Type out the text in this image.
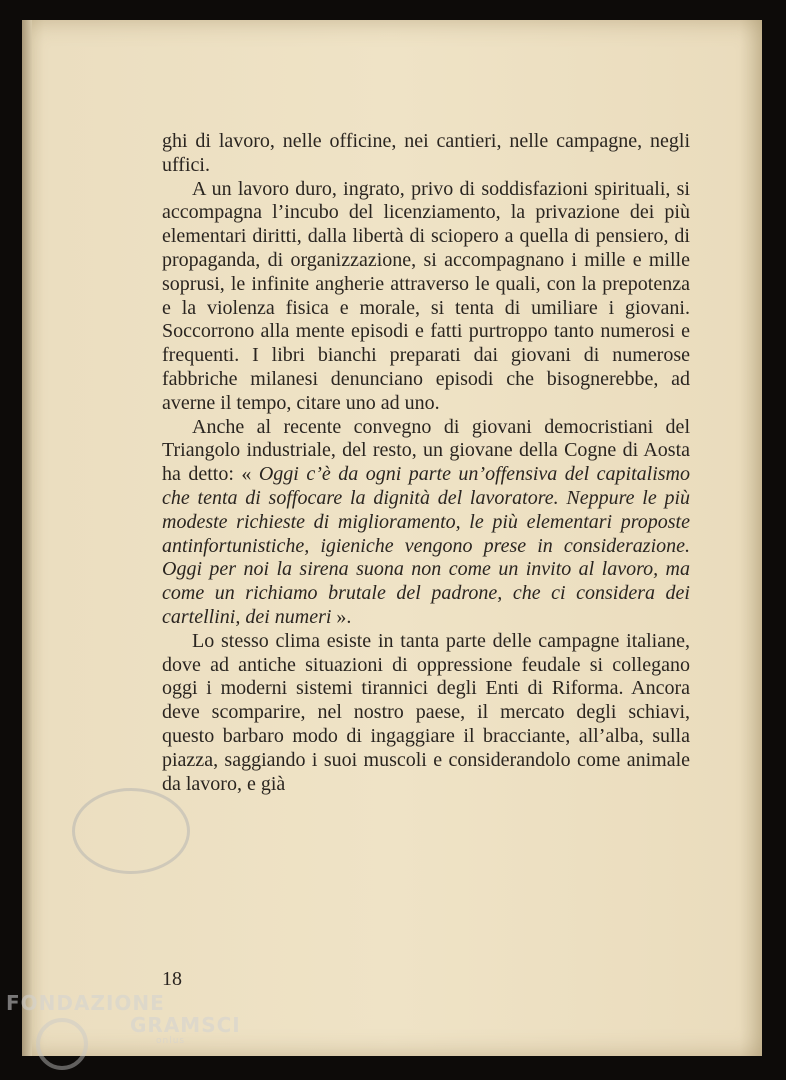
ghi di lavoro, nelle officine, nei cantieri, nelle campagne, negli uffici.

A un lavoro duro, ingrato, privo di soddisfazioni spirituali, si accompagna l’incubo del licenziamento, la privazione dei più elementari diritti, dalla libertà di sciopero a quella di pensiero, di propaganda, di organizzazione, si accompagnano i mille e mille soprusi, le infinite angherie attraverso le quali, con la prepotenza e la violenza fisica e morale, si tenta di umiliare i giovani. Soccorrono alla mente episodi e fatti purtroppo tanto numerosi e frequenti. I libri bianchi preparati dai giovani di numerose fabbriche milanesi denunciano episodi che bisognerebbe, ad averne il tempo, citare uno ad uno.

Anche al recente convegno di giovani democristiani del Triangolo industriale, del resto, un giovane della Cogne di Aosta ha detto: « Oggi c’è da ogni parte un’offensiva del capitalismo che tenta di soffocare la dignità del lavoratore. Neppure le più modeste richieste di miglioramento, le più elementari proposte antinfortunistiche, igieniche vengono prese in considerazione. Oggi per noi la sirena suona non come un invito al lavoro, ma come un richiamo brutale del padrone, che ci considera dei cartellini, dei numeri ».

Lo stesso clima esiste in tanta parte delle campagne italiane, dove ad antiche situazioni di oppressione feudale si collegano oggi i moderni sistemi tirannici degli Enti di Riforma. Ancora deve scomparire, nel nostro paese, il mercato degli schiavi, questo barbaro modo di ingaggiare il bracciante, all’alba, sulla piazza, saggiando i suoi muscoli e considerandolo come animale da lavoro, e già

18
FONDAZIONE
GRAMSCI
onlus
